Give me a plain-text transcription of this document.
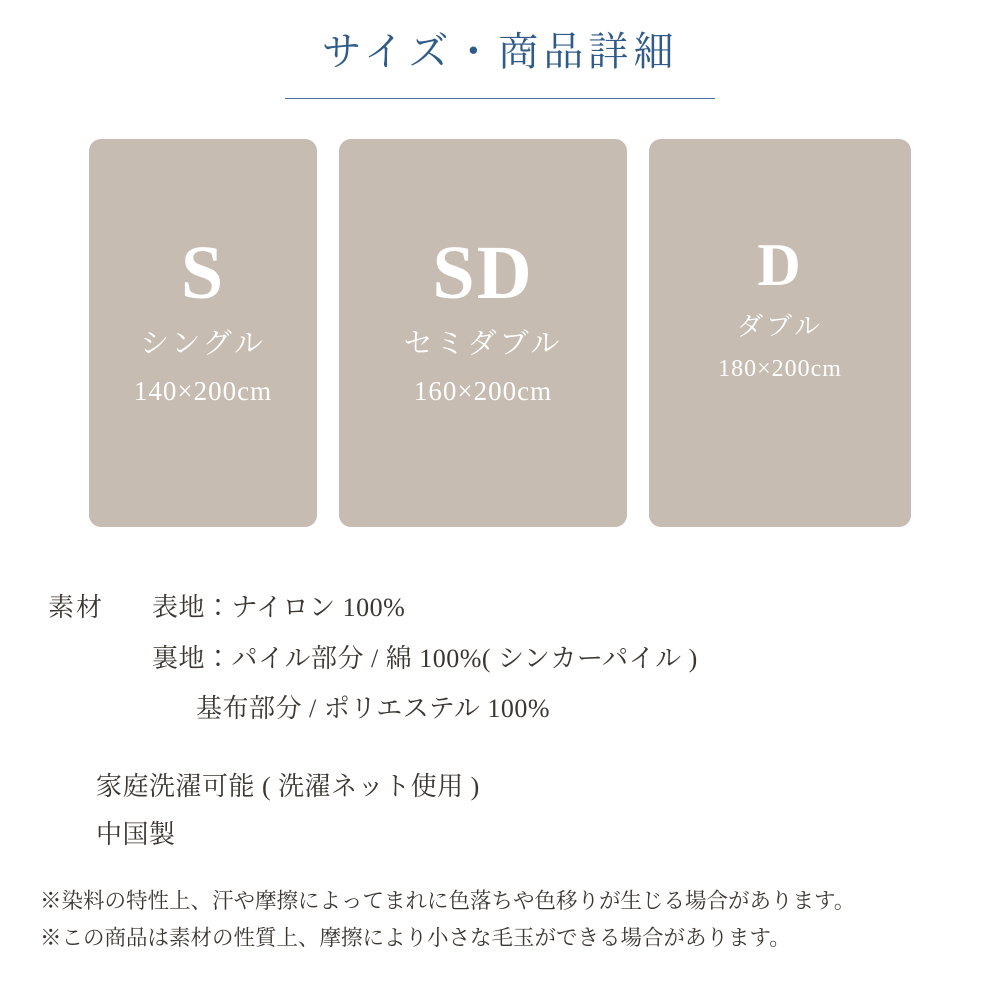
サイズ・商品詳細
S
シングル
140×200cm
SD
セミダブル
160×200cm
D
ダブル
180×200cm
素材	表地：ナイロン 100%
裏地：パイル部分 / 綿 100%( シンカーパイル )
基布部分 / ポリエステル 100%
家庭洗濯可能 ( 洗濯ネット使用 )
中国製
※染料の特性上、汗や摩擦によってまれに色落ちや色移りが生じる場合があります。
※この商品は素材の性質上、摩擦により小さな毛玉ができる場合があります。
